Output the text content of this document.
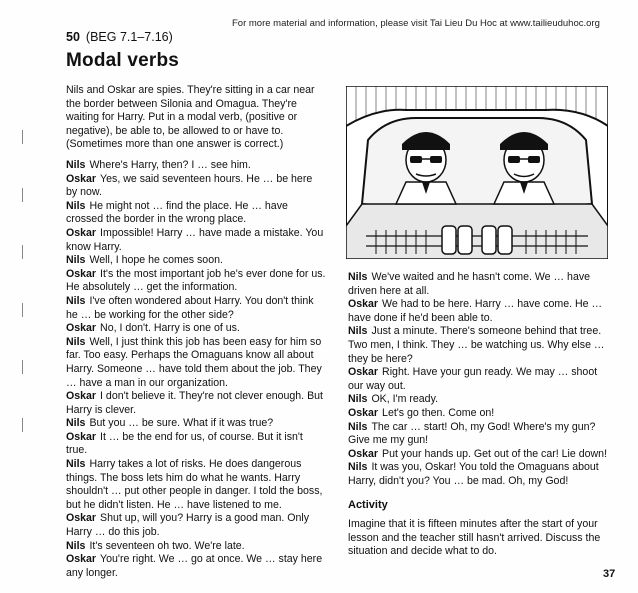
For more material and information, please visit Tai Lieu Du Hoc at www.tailieuduhoc.org
50 (BEG 7.1–7.16)
Modal verbs
Nils and Oskar are spies. They're sitting in a car near the border between Silonia and Omagua. They're waiting for Harry. Put in a modal verb, (positive or negative), be able to, be allowed to or have to. (Sometimes more than one answer is correct.)

Nils Where's Harry, then? I … see him.

Oskar Yes, we said seventeen hours. He … be here by now.

Nils He might not … find the place. He … have crossed the border in the wrong place.

Oskar Impossible! Harry … have made a mistake. You know Harry.

Nils Well, I hope he comes soon.

Oskar It's the most important job he's ever done for us. He absolutely … get the information.

Nils I've often wondered about Harry. You don't think he … be working for the other side?

Oskar No, I don't. Harry is one of us.

Nils Well, I just think this job has been easy for him so far. Too easy. Perhaps the Omaguans know all about Harry. Someone … have told them about the job. They … have a man in our organization.

Oskar I don't believe it. They're not clever enough. But Harry is clever.

Nils But you … be sure. What if it was true?

Oskar It … be the end for us, of course. But it isn't true.

Nils Harry takes a lot of risks. He does dangerous things. The boss lets him do what he wants. Harry shouldn't … put other people in danger. I told the boss, but he didn't listen. He … have listened to me.

Oskar Shut up, will you? Harry is a good man. Only Harry … do this job.

Nils It's seventeen oh two. We're late.

Oskar You're right. We … go at once. We … stay here any longer.

Nils We've waited and he hasn't come. We … have driven here at all.

Oskar We had to be here. Harry … have come. He … have done if he'd been able to.

Nils Just a minute. There's someone behind that tree. Two men, I think. They … be watching us. Why else … they be here?

Oskar Right. Have your gun ready. We may … shoot our way out.

Nils OK, I'm ready.

Oskar Let's go then. Come on!

Nils The car … start! Oh, my God! Where's my gun? Give me my gun!

Oskar Put your hands up. Get out of the car! Lie down!

Nils It was you, Oskar! You told the Omaguans about Harry, didn't you? You … be mad. Oh, my God!

Activity
Imagine that it is fifteen minutes after the start of your lesson and the teacher still hasn't arrived. Discuss the situation and decide what to do.
37
